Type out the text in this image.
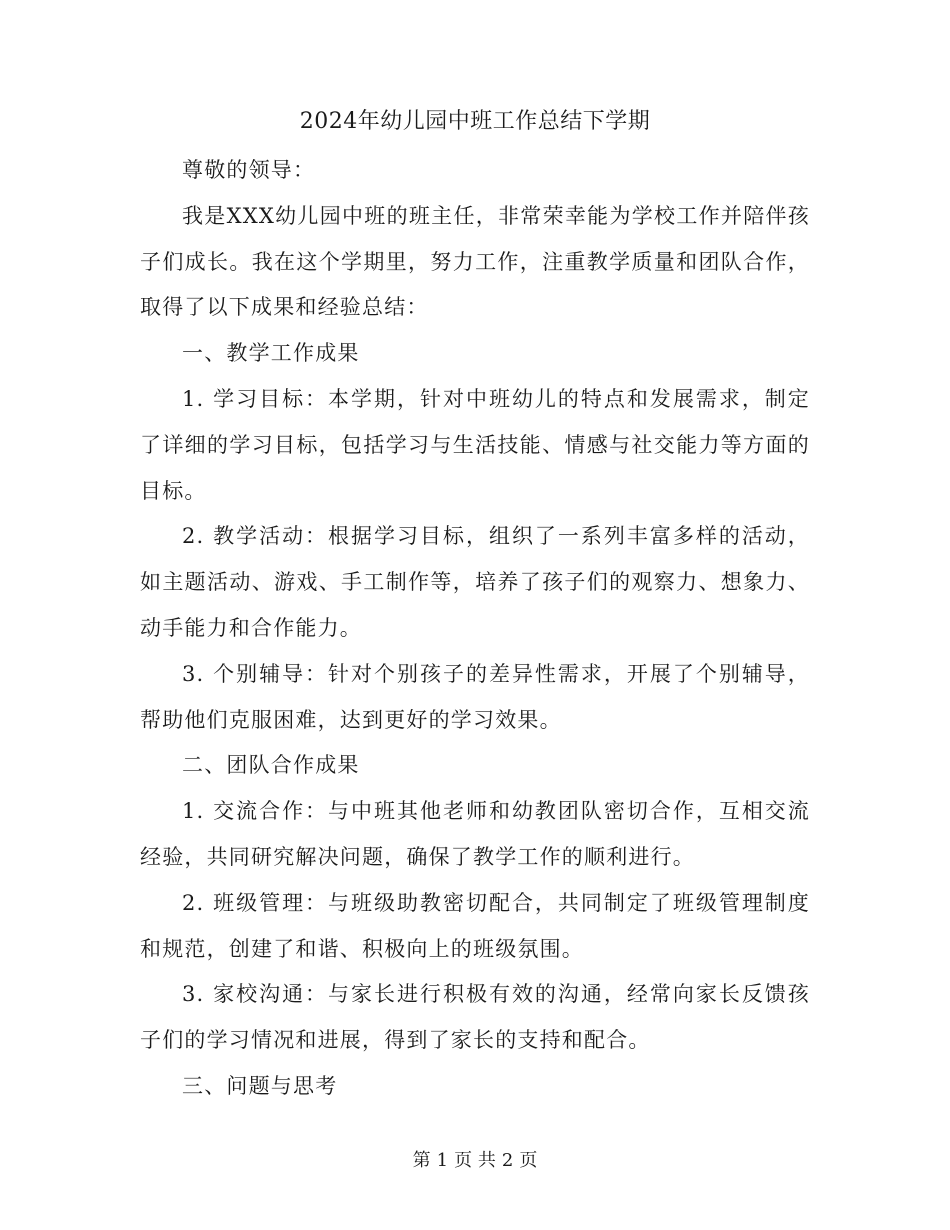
2024年幼儿园中班工作总结下学期

尊敬的领导：

我是XXX幼儿园中班的班主任，非常荣幸能为学校工作并陪伴孩子们成长。我在这个学期里，努力工作，注重教学质量和团队合作，取得了以下成果和经验总结：

一、教学工作成果

1. 学习目标：本学期，针对中班幼儿的特点和发展需求，制定了详细的学习目标，包括学习与生活技能、情感与社交能力等方面的目标。

2. 教学活动：根据学习目标，组织了一系列丰富多样的活动，如主题活动、游戏、手工制作等，培养了孩子们的观察力、想象力、动手能力和合作能力。

3. 个别辅导：针对个别孩子的差异性需求，开展了个别辅导，帮助他们克服困难，达到更好的学习效果。

二、团队合作成果

1. 交流合作：与中班其他老师和幼教团队密切合作，互相交流经验，共同研究解决问题，确保了教学工作的顺利进行。

2. 班级管理：与班级助教密切配合，共同制定了班级管理制度和规范，创建了和谐、积极向上的班级氛围。

3. 家校沟通：与家长进行积极有效的沟通，经常向家长反馈孩子们的学习情况和进展，得到了家长的支持和配合。

三、问题与思考

第 1 页 共 2 页
